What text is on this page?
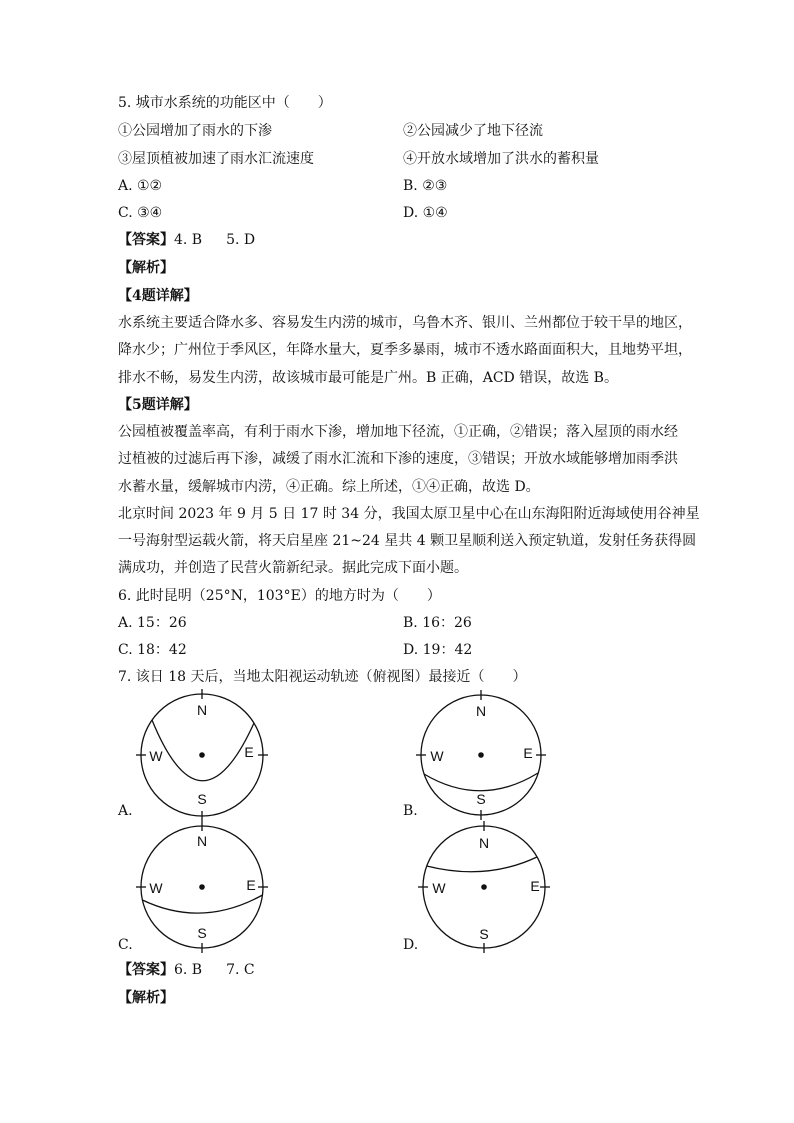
5. 城市水系统的功能区中（　　）
①公园增加了雨水的下渗	②公园减少了地下径流
③屋顶植被加速了雨水汇流速度	④开放水域增加了洪水的蓄积量
A. ①②	B. ②③
C. ③④	D. ①④
【答案】4. B 5. D
【解析】
【4题详解】
水系统主要适合降水多、容易发生内涝的城市，乌鲁木齐、银川、兰州都位于较干旱的地区，
降水少；广州位于季风区，年降水量大，夏季多暴雨，城市不透水路面面积大，且地势平坦，
排水不畅，易发生内涝，故该城市最可能是广州。B 正确，ACD 错误，故选 B。
【5题详解】
公园植被覆盖率高，有利于雨水下渗，增加地下径流，①正确，②错误；落入屋顶的雨水经
过植被的过滤后再下渗，减缓了雨水汇流和下渗的速度，③错误；开放水域能够增加雨季洪
水蓄水量，缓解城市内涝，④正确。综上所述，①④正确，故选 D。
北京时间 2023 年 9 月 5 日 17 时 34 分，我国太原卫星中心在山东海阳附近海域使用谷神星
一号海射型运载火箭，将天启星座 21~24 星共 4 颗卫星顺利送入预定轨道，发射任务获得圆
满成功，并创造了民营火箭新纪录。据此完成下面小题。
6. 此时昆明（25°N，103°E）的地方时为（　　）
A. 15：26	B. 16：26
C. 18：42	D. 19：42
7. 该日 18 天后，当地太阳视运动轨迹（俯视图）最接近（　　）
N
S
W	E
A.
N
S
W	E
B.
N
S
W	E
C.
N
S
W	E
D.
【答案】6. B 7. C
【解析】
